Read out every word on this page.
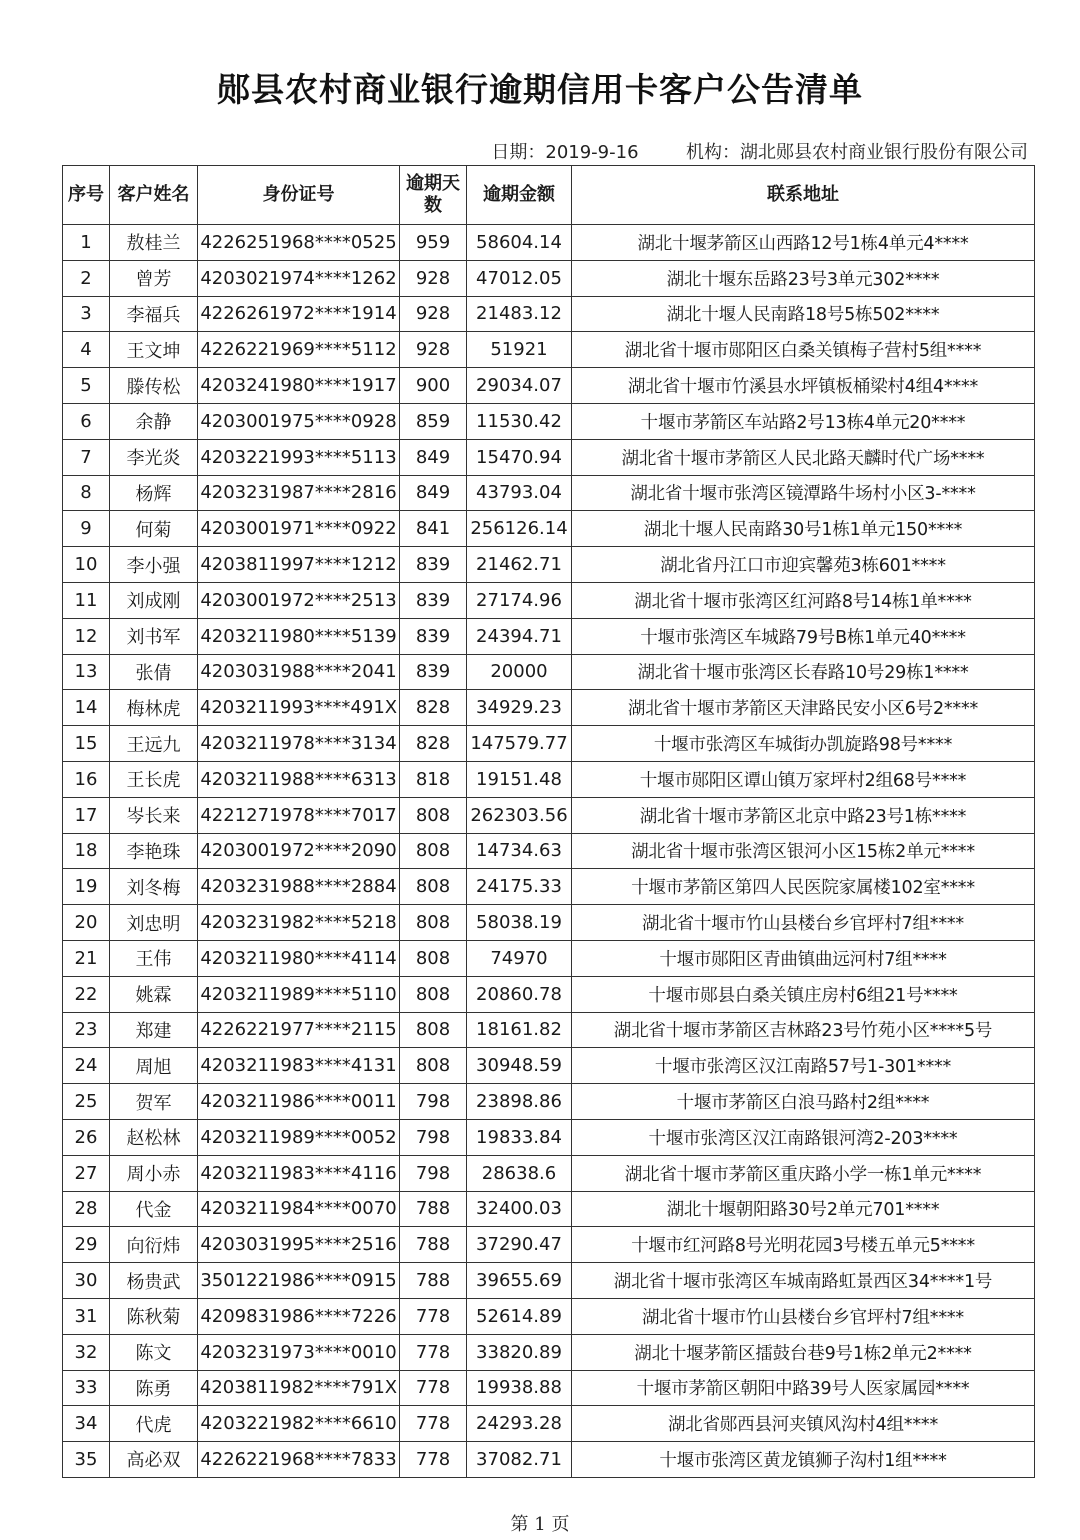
郧县农村商业银行逾期信用卡客户公告清单
日期：2019-9-16	机构：湖北郧县农村商业银行股份有限公司
序号	客户姓名	身份证号	逾期天数	逾期金额	联系地址

1	敖桂兰	4226251968****0525	959	58604.14	湖北十堰茅箭区山西路12号1栋4单元4****
2	曾芳	4203021974****1262	928	47012.05	湖北十堰东岳路23号3单元302****
3	李福兵	4226261972****1914	928	21483.12	湖北十堰人民南路18号5栋502****
4	王文坤	4226221969****5112	928	51921	湖北省十堰市郧阳区白桑关镇梅子营村5组****
5	滕传松	4203241980****1917	900	29034.07	湖北省十堰市竹溪县水坪镇板桶梁村4组4****
6	余静	4203001975****0928	859	11530.42	十堰市茅箭区车站路2号13栋4单元20****
7	李光炎	4203221993****5113	849	15470.94	湖北省十堰市茅箭区人民北路天麟时代广场****
8	杨辉	4203231987****2816	849	43793.04	湖北省十堰市张湾区镜潭路牛场村小区3-****
9	何菊	4203001971****0922	841	256126.14	湖北十堰人民南路30号1栋1单元150****
10	李小强	4203811997****1212	839	21462.71	湖北省丹江口市迎宾馨苑3栋601****
11	刘成刚	4203001972****2513	839	27174.96	湖北省十堰市张湾区红河路8号14栋1单****
12	刘书军	4203211980****5139	839	24394.71	十堰市张湾区车城路79号B栋1单元40****
13	张倩	4203031988****2041	839	20000	湖北省十堰市张湾区长春路10号29栋1****
14	梅林虎	4203211993****491X	828	34929.23	湖北省十堰市茅箭区天津路民安小区6号2****
15	王远九	4203211978****3134	828	147579.77	十堰市张湾区车城街办凯旋路98号****
16	王长虎	4203211988****6313	818	19151.48	十堰市郧阳区谭山镇万家坪村2组68号****
17	岑长来	4221271978****7017	808	262303.56	湖北省十堰市茅箭区北京中路23号1栋****
18	李艳珠	4203001972****2090	808	14734.63	湖北省十堰市张湾区银河小区15栋2单元****
19	刘冬梅	4203231988****2884	808	24175.33	十堰市茅箭区第四人民医院家属楼102室****
20	刘忠明	4203231982****5218	808	58038.19	湖北省十堰市竹山县楼台乡官坪村7组****
21	王伟	4203211980****4114	808	74970	十堰市郧阳区青曲镇曲远河村7组****
22	姚霖	4203211989****5110	808	20860.78	十堰市郧县白桑关镇庄房村6组21号****
23	郑建	4226221977****2115	808	18161.82	湖北省十堰市茅箭区吉林路23号竹苑小区****5号
24	周旭	4203211983****4131	808	30948.59	十堰市张湾区汉江南路57号1-301****
25	贺军	4203211986****0011	798	23898.86	十堰市茅箭区白浪马路村2组****
26	赵松林	4203211989****0052	798	19833.84	十堰市张湾区汉江南路银河湾2-203****
27	周小赤	4203211983****4116	798	28638.6	湖北省十堰市茅箭区重庆路小学一栋1单元****
28	代金	4203211984****0070	788	32400.03	湖北十堰朝阳路30号2单元701****
29	向衍炜	4203031995****2516	788	37290.47	十堰市红河路8号光明花园3号楼五单元5****
30	杨贵武	3501221986****0915	788	39655.69	湖北省十堰市张湾区车城南路虹景西区34****1号
31	陈秋菊	4209831986****7226	778	52614.89	湖北省十堰市竹山县楼台乡官坪村7组****
32	陈文	4203231973****0010	778	33820.89	湖北十堰茅箭区擂鼓台巷9号1栋2单元2****
33	陈勇	4203811982****791X	778	19938.88	十堰市茅箭区朝阳中路39号人医家属园****
34	代虎	4203221982****6610	778	24293.28	湖北省郧西县河夹镇风沟村4组****
35	高必双	4226221968****7833	778	37082.71	十堰市张湾区黄龙镇狮子沟村1组****
第 1 页
